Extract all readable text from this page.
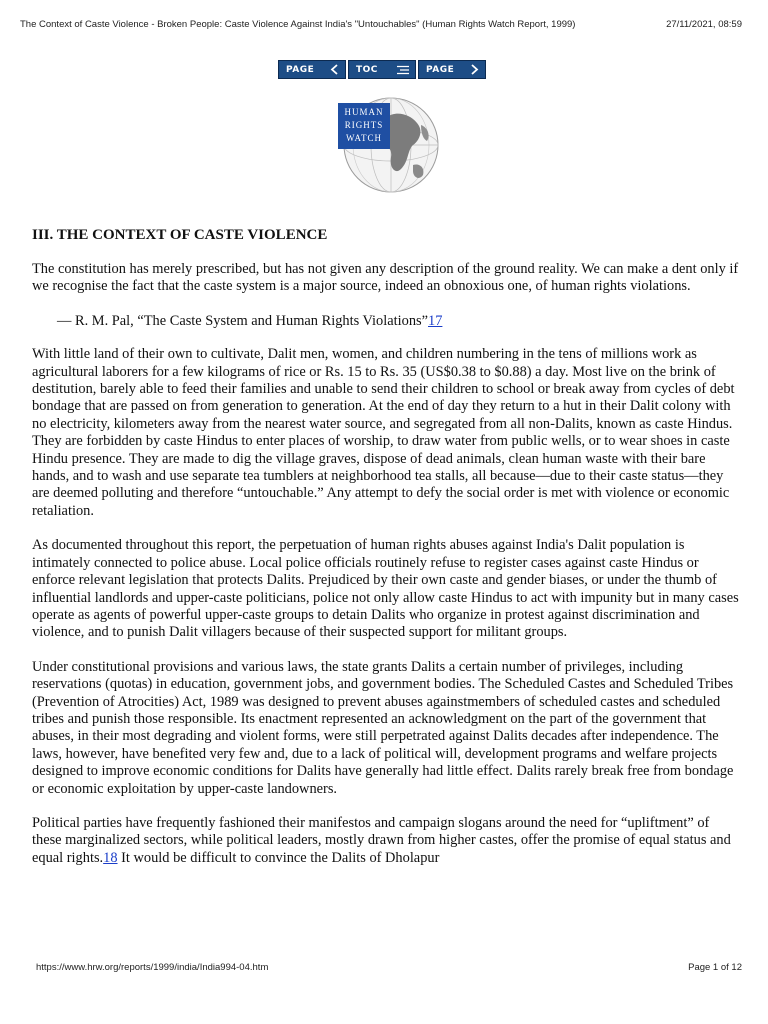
The Context of Caste Violence - Broken People: Caste Violence Against India's "Untouchables" (Human Rights Watch Report, 1999)	27/11/2021, 08:59
PAGE	TOC	PAGE
HUMAN
RIGHTS
WATCH
III. THE CONTEXT OF CASTE VIOLENCE

The constitution has merely prescribed, but has not given any description of the ground reality. We can make a dent only if we recognise the fact that the caste system is a major source, indeed an obnoxious one, of human rights violations.

— R. M. Pal, “The Caste System and Human Rights Violations”17

With little land of their own to cultivate, Dalit men, women, and children numbering in the tens of millions work as agricultural laborers for a few kilograms of rice or Rs. 15 to Rs. 35 (US$0.38 to $0.88) a day. Most live on the brink of destitution, barely able to feed their families and unable to send their children to school or break away from cycles of debt bondage that are passed on from generation to generation. At the end of day they return to a hut in their Dalit colony with no electricity, kilometers away from the nearest water source, and segregated from all non-Dalits, known as caste Hindus. They are forbidden by caste Hindus to enter places of worship, to draw water from public wells, or to wear shoes in caste Hindu presence. They are made to dig the village graves, dispose of dead animals, clean human waste with their bare hands, and to wash and use separate tea tumblers at neighborhood tea stalls, all because—due to their caste status—they are deemed polluting and therefore “untouchable.” Any attempt to defy the social order is met with violence or economic retaliation.

As documented throughout this report, the perpetuation of human rights abuses against India's Dalit population is intimately connected to police abuse. Local police officials routinely refuse to register cases against caste Hindus or enforce relevant legislation that protects Dalits. Prejudiced by their own caste and gender biases, or under the thumb of influential landlords and upper-caste politicians, police not only allow caste Hindus to act with impunity but in many cases operate as agents of powerful upper-caste groups to detain Dalits who organize in protest against discrimination and violence, and to punish Dalit villagers because of their suspected support for militant groups.

Under constitutional provisions and various laws, the state grants Dalits a certain number of privileges, including reservations (quotas) in education, government jobs, and government bodies. The Scheduled Castes and Scheduled Tribes (Prevention of Atrocities) Act, 1989 was designed to prevent abuses againstmembers of scheduled castes and scheduled tribes and punish those responsible. Its enactment represented an acknowledgment on the part of the government that abuses, in their most degrading and violent forms, were still perpetrated against Dalits decades after independence. The laws, however, have benefited very few and, due to a lack of political will, development programs and welfare projects designed to improve economic conditions for Dalits have generally had little effect. Dalits rarely break free from bondage or economic exploitation by upper-caste landowners.

Political parties have frequently fashioned their manifestos and campaign slogans around the need for “upliftment” of these marginalized sectors, while political leaders, mostly drawn from higher castes, offer the promise of equal status and equal rights.18 It would be difficult to convince the Dalits of Dholapur

https://www.hrw.org/reports/1999/india/India994-04.htm	Page 1 of 12
